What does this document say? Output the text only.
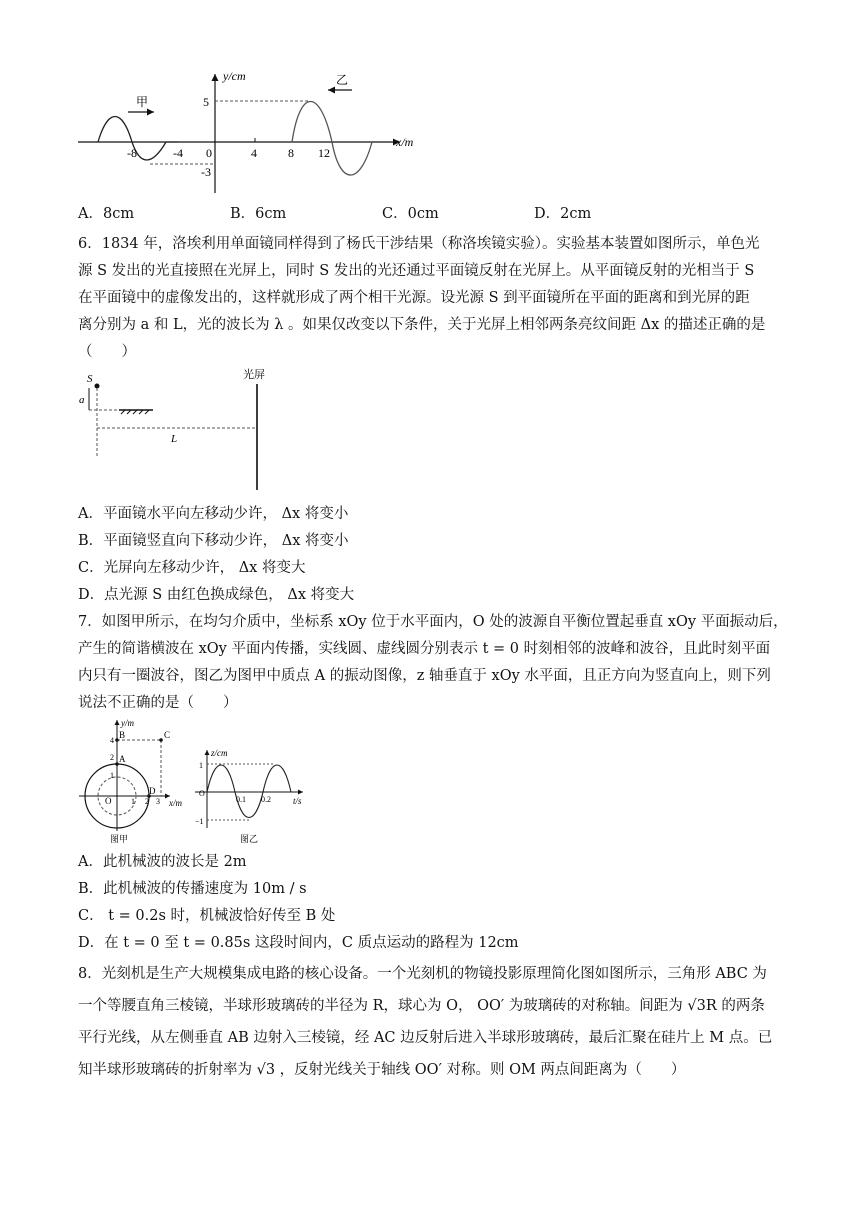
y/cm
x/m
甲
乙
-8	-4 0	4	8 12
5
-3
A．8cm	B．6cm	C．0cm	D．2cm
6．1834 年，洛埃利用单面镜同样得到了杨氏干涉结果（称洛埃镜实验）。实验基本装置如图所示，单色光
源 S 发出的光直接照在光屏上，同时 S 发出的光还通过平面镜反射在光屏上。从平面镜反射的光相当于 S
在平面镜中的虚像发出的，这样就形成了两个相干光源。设光源 S 到平面镜所在平面的距离和到光屏的距
离分别为 a 和 L，光的波长为 λ 。如果仅改变以下条件，关于光屏上相邻两条亮纹间距 Δx 的描述正确的是
（　　）
光屏
S
a
L
A．平面镜水平向左移动少许， Δx 将变小
B．平面镜竖直向下移动少许， Δx 将变小
C．光屏向左移动少许， Δx 将变大
D．点光源 S 由红色换成绿色， Δx 将变大
7．如图甲所示，在均匀介质中，坐标系 xOy 位于水平面内，O 处的波源自平衡位置起垂直 xOy 平面振动后，
产生的简谐横波在 xOy 平面内传播，实线圆、虚线圆分别表示 t = 0 时刻相邻的波峰和波谷，且此时刻平面
内只有一圈波谷，图乙为图甲中质点 A 的振动图像，z 轴垂直于 xOy 水平面，且正方向为竖直向上，则下列
说法不正确的是（　　）
y/m
x/m
O
A
B	C
D
4
2
1
1 2 3
图甲
z/cm
t/s
1
O
−1
0.1 0.2
图乙
A．此机械波的波长是 2m
B．此机械波的传播速度为 10m / s
C． t = 0.2s 时，机械波恰好传至 B 处
D．在 t = 0 至 t = 0.85s 这段时间内，C 质点运动的路程为 12cm
8．光刻机是生产大规模集成电路的核心设备。一个光刻机的物镜投影原理简化图如图所示，三角形 ABC 为
一个等腰直角三棱镜，半球形玻璃砖的半径为 R，球心为 O， OO′ 为玻璃砖的对称轴。间距为 √3R 的两条
平行光线，从左侧垂直 AB 边射入三棱镜，经 AC 边反射后进入半球形玻璃砖，最后汇聚在硅片上 M 点。已
知半球形玻璃砖的折射率为 √3 ，反射光线关于轴线 OO′ 对称。则 OM 两点间距离为（　　）
